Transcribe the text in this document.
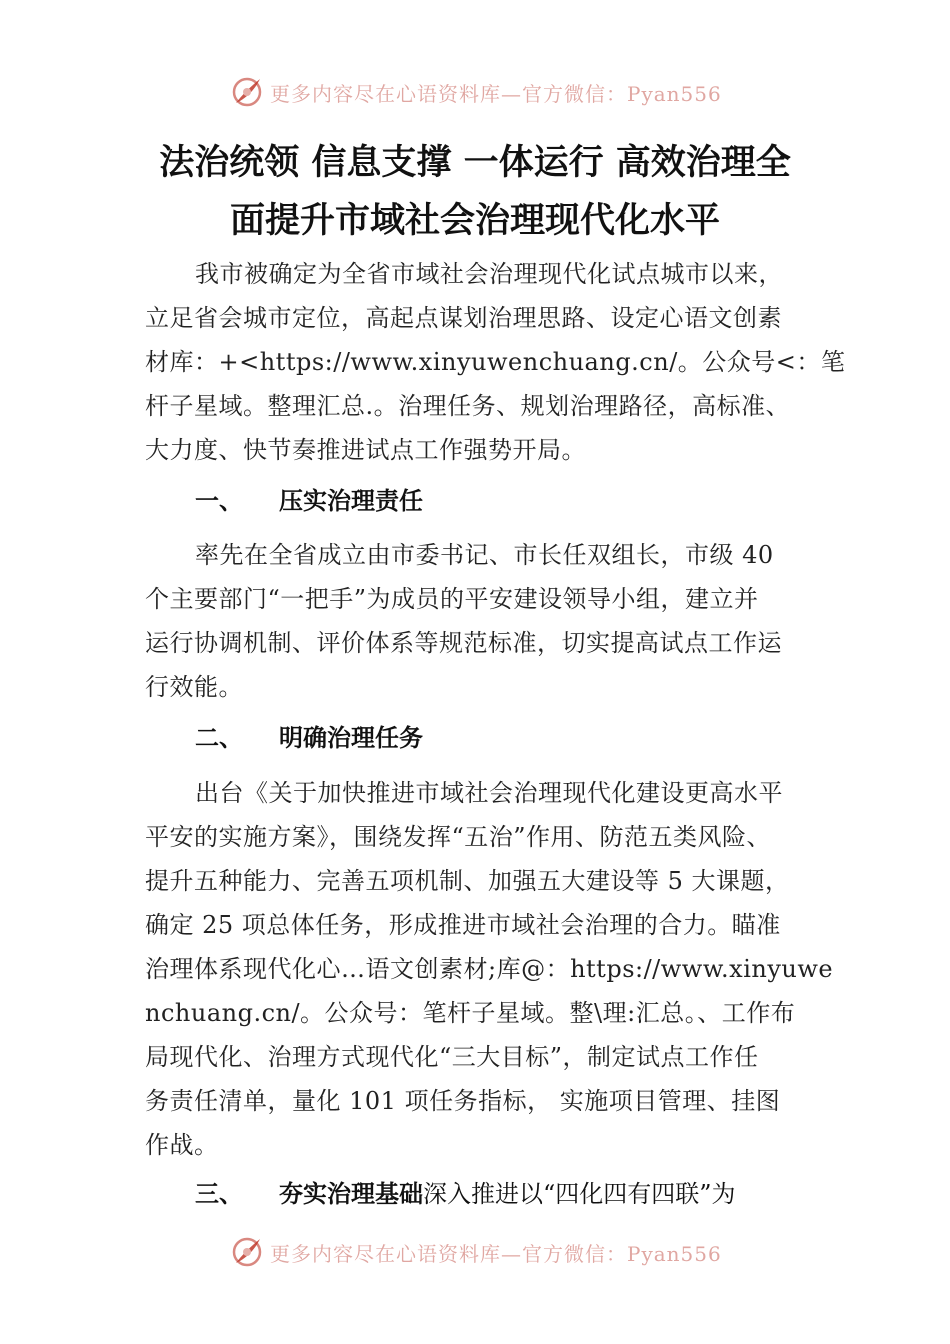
更多内容尽在心语资料库—官方微信：Pyan556
法治统领 信息支撑 一体运行 高效治理全
面提升市域社会治理现代化水平
我市被确定为全省市域社会治理现代化试点城市以来，
立足省会城市定位，高起点谋划治理思路、设定心语文创素
材库：+<https://www.xinyuwenchuang.cn/。公众号<：笔
杆子星域。整理汇总.。治理任务、规划治理路径，高标准、
大力度、快节奏推进试点工作强势开局。
一、 压实治理责任
率先在全省成立由市委书记、市长任双组长，市级 40
个主要部门“一把手”为成员的平安建设领导小组，建立并
运行协调机制、评价体系等规范标准，切实提高试点工作运
行效能。
二、 明确治理任务
出台《关于加快推进市域社会治理现代化建设更高水平
平安的实施方案》，围绕发挥“五治”作用、防范五类风险、
提升五种能力、完善五项机制、加强五大建设等 5 大课题，
确定 25 项总体任务，形成推进市域社会治理的合力。瞄准
治理体系现代化心…语文创素材;库@：https://www.xinyuwe
nchuang.cn/。公众号：笔杆子星域。整\理:汇总。、工作布
局现代化、治理方式现代化“三大目标”，制定试点工作任
务责任清单，量化 101 项任务指标， 实施项目管理、挂图
作战。
三、 夯实治理基础深入推进以“四化四有四联”为
更多内容尽在心语资料库—官方微信：Pyan556
